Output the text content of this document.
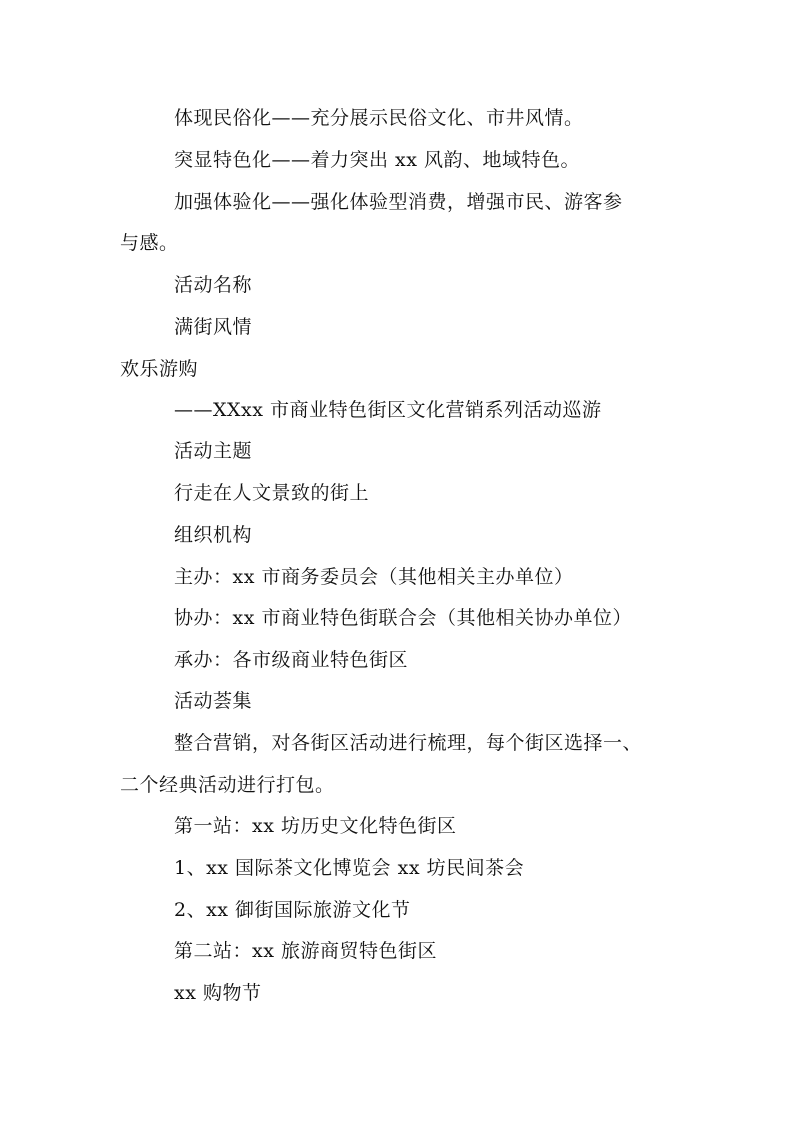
体现民俗化——充分展示民俗文化、市井风情。
突显特色化——着力突出 xx 风韵、地域特色。
加强体验化——强化体验型消费，增强市民、游客参
与感。
活动名称
满街风情
欢乐游购
——XXxx 市商业特色街区文化营销系列活动巡游
活动主题
行走在人文景致的街上
组织机构
主办：xx 市商务委员会（其他相关主办单位）
协办：xx 市商业特色街联合会（其他相关协办单位）
承办：各市级商业特色街区
活动荟集
整合营销，对各街区活动进行梳理，每个街区选择一、
二个经典活动进行打包。
第一站：xx 坊历史文化特色街区
1、xx 国际茶文化博览会 xx 坊民间茶会
2、xx 御街国际旅游文化节
第二站：xx 旅游商贸特色街区
xx 购物节
